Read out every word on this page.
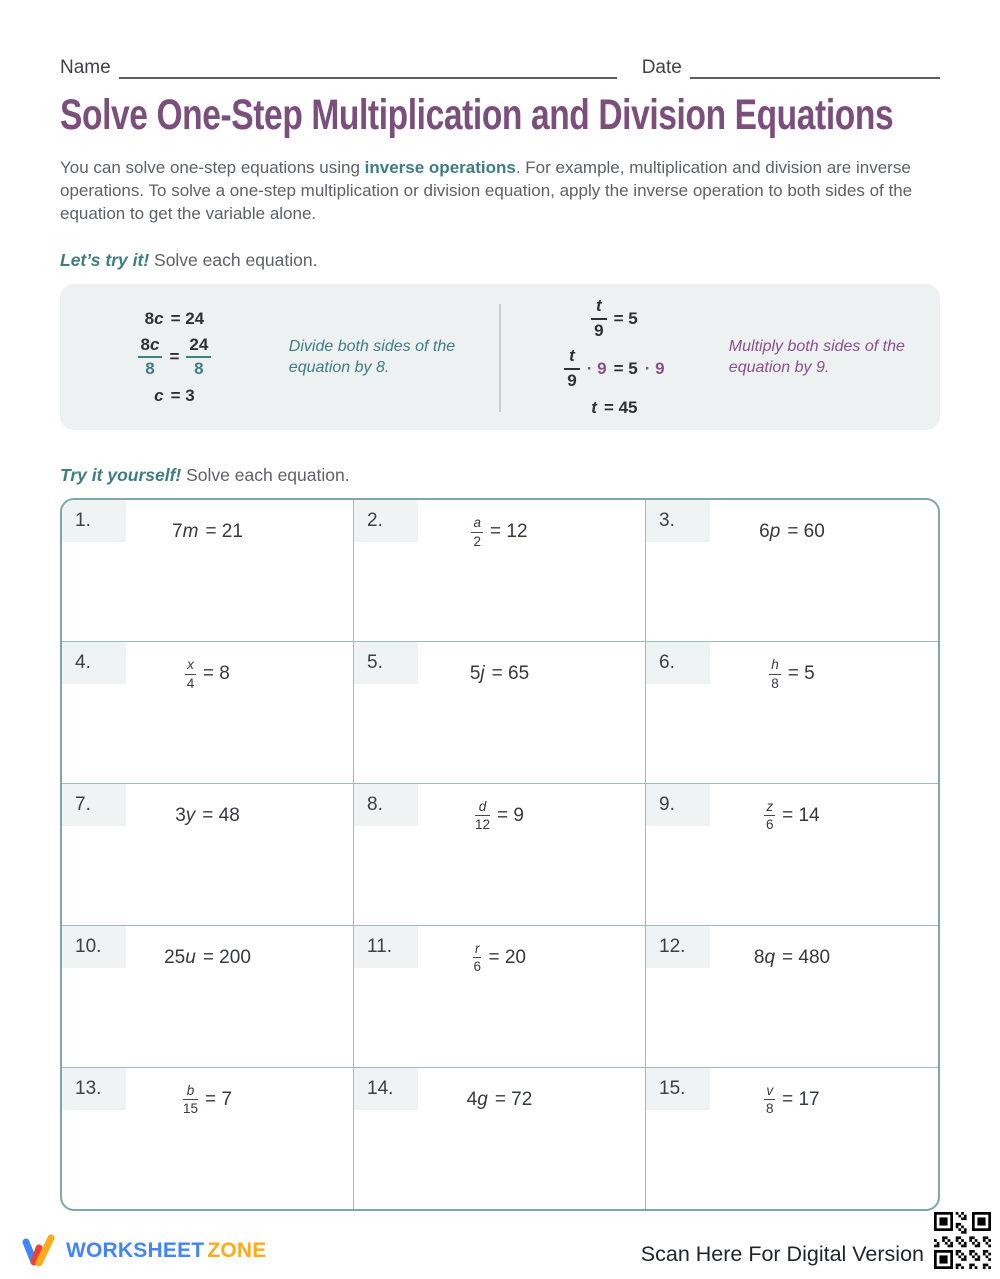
Name	Date
Solve One-Step Multiplication and Division Equations

You can solve one-step equations using inverse operations. For example, multiplication and division are inverse operations. To solve a one-step multiplication or division equation, apply the inverse operation to both sides of the equation to get the variable alone.

Let’s try it! Solve each equation.

8c = 24
$\frac{8c}{8} = \frac{24}{8}$
c = 3
Divide both sides of the equation by 8.
$\frac{t}{9} = 5$
$\frac{t}{9} \cdot 9 = 5 \cdot 9$
t = 45
Multiply both sides of the equation by 9.

Try it yourself! Solve each equation.

1.
7m = 21
2.	$\frac{a}{2} = 12$
3.
6p = 60
4.	$\frac{x}{4} = 8$
5.
5j = 65
6.	$\frac{h}{8} = 5$
7.
3y = 48
8.	$\frac{d}{12} = 9$
9.	$\frac{z}{6} = 14$
10.
25u = 200
11.	$\frac{r}{6} = 20$
12.
8q = 480
13.	$\frac{b}{15} = 7$
14.
4g = 72
15.	$\frac{v}{8} = 17$
WORKSHEET ZONE	Scan Here For Digital Version
